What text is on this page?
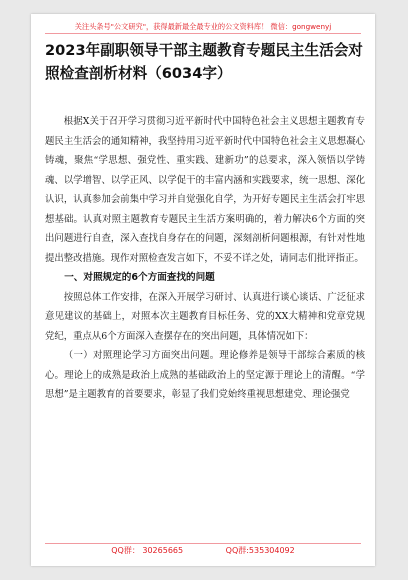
关注头条号"公文研究"，获得最新最全最专业的公文资料库！ 微信：gongwenyj
2023年副职领导干部主题教育专题民主生活会对照检查剖析材料（6034字）

根据X关于召开学习贯彻习近平新时代中国特色社会主义思想主题教育专题民主生活会的通知精神，我坚持用习近平新时代中国特色社会主义思想凝心铸魂，聚焦“学思想、强党性、重实践、建新功”的总要求，深入领悟以学铸魂、以学增智、以学正风、以学促干的丰富内涵和实践要求，统一思想、深化认识，认真参加会前集中学习并自觉强化自学，为开好专题民主生活会打牢思想基础。认真对照主题教育专题民主生活方案明确的，着力解决6个方面的突出问题进行自查，深入查找自身存在的问题，深刻剖析问题根源，有针对性地提出整改措施。现作对照检查发言如下，不妥不详之处，请同志们批评指正。

一、对照规定的6个方面查找的问题

按照总体工作安排，在深入开展学习研讨、认真进行谈心谈话、广泛征求意见建议的基础上，对照本次主题教育目标任务、党的XX大精神和党章党规党纪，重点从6个方面深入查摆存在的突出问题，具体情况如下：

（一）对照理论学习方面突出问题。理论修养是领导干部综合素质的核心。理论上的成熟是政治上成熟的基础政治上的坚定源于理论上的清醒。“学思想”是主题教育的首要要求，彰显了我们党始终重视思想建党、理论强党

QQ群： 30265665	QQ群:535304092
